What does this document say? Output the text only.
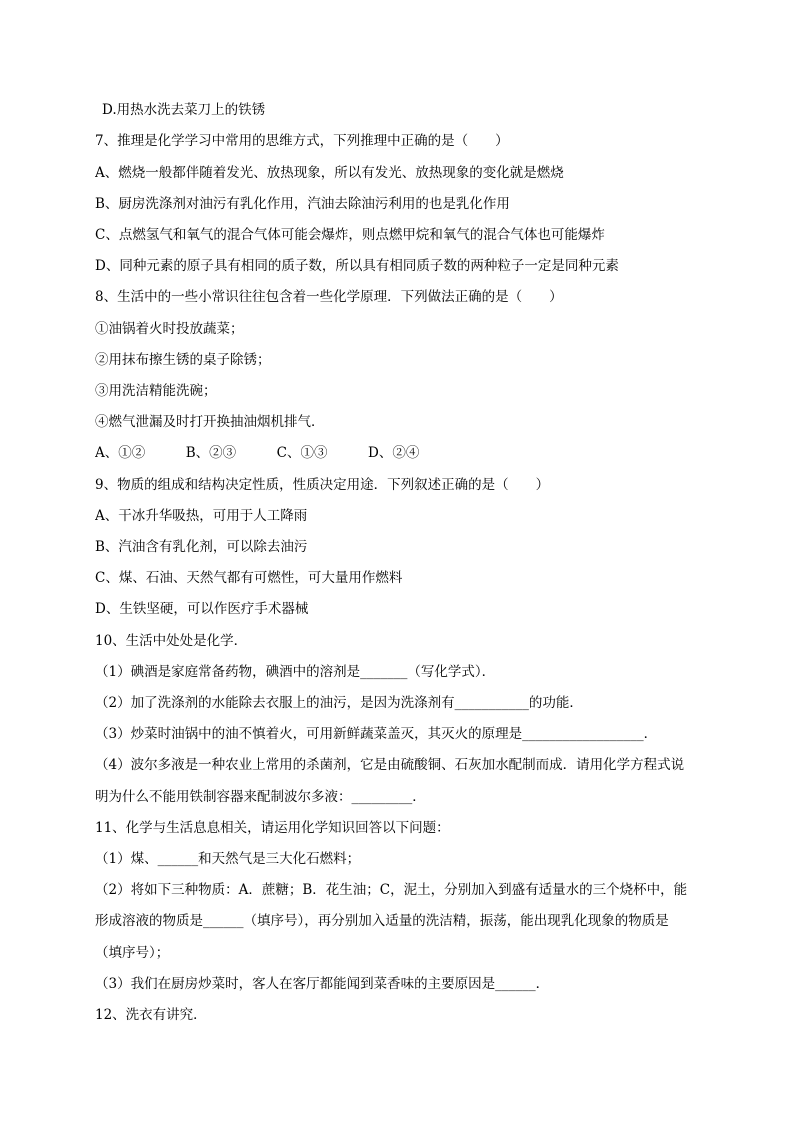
D.用热水洗去菜刀上的铁锈
7、推理是化学学习中常用的思维方式，下列推理中正确的是（　　）
A、燃烧一般都伴随着发光、放热现象，所以有发光、放热现象的变化就是燃烧
B、厨房洗涤剂对油污有乳化作用，汽油去除油污利用的也是乳化作用
C、点燃氢气和氧气的混合气体可能会爆炸，则点燃甲烷和氧气的混合气体也可能爆炸
D、同种元素的原子具有相同的质子数，所以具有相同质子数的两种粒子一定是同种元素
8、生活中的一些小常识往往包含着一些化学原理．下列做法正确的是（　　）
①油锅着火时投放蔬菜；
②用抹布擦生锈的桌子除锈；
③用洗洁精能洗碗；
④燃气泄漏及时打开换抽油烟机排气．
A、①②　　　B、②③　　　C、①③　　　D、②④
9、物质的组成和结构决定性质，性质决定用途．下列叙述正确的是（　　）
A、干冰升华吸热，可用于人工降雨
B、汽油含有乳化剂，可以除去油污
C、煤、石油、天然气都有可燃性，可大量用作燃料
D、生铁坚硬，可以作医疗手术器械
10、生活中处处是化学．
（1）碘酒是家庭常备药物，碘酒中的溶剂是_______（写化学式）．
（2）加了洗涤剂的水能除去衣服上的油污，是因为洗涤剂有___________的功能．
（3）炒菜时油锅中的油不慎着火，可用新鲜蔬菜盖灭，其灭火的原理是__________________．
（4）波尔多液是一种农业上常用的杀菌剂，它是由硫酸铜、石灰加水配制而成．请用化学方程式说
明为什么不能用铁制容器来配制波尔多液：_________．
11、化学与生活息息相关，请运用化学知识回答以下问题：
（1）煤、______和天然气是三大化石燃料；
（2）将如下三种物质：A．蔗糖；B．花生油；C，泥土，分别加入到盛有适量水的三个烧杯中，能
形成溶液的物质是______（填序号），再分别加入适量的洗洁精，振荡，能出现乳化现象的物质是
（填序号）；
（3）我们在厨房炒菜时，客人在客厅都能闻到菜香味的主要原因是______．
12、洗衣有讲究．
